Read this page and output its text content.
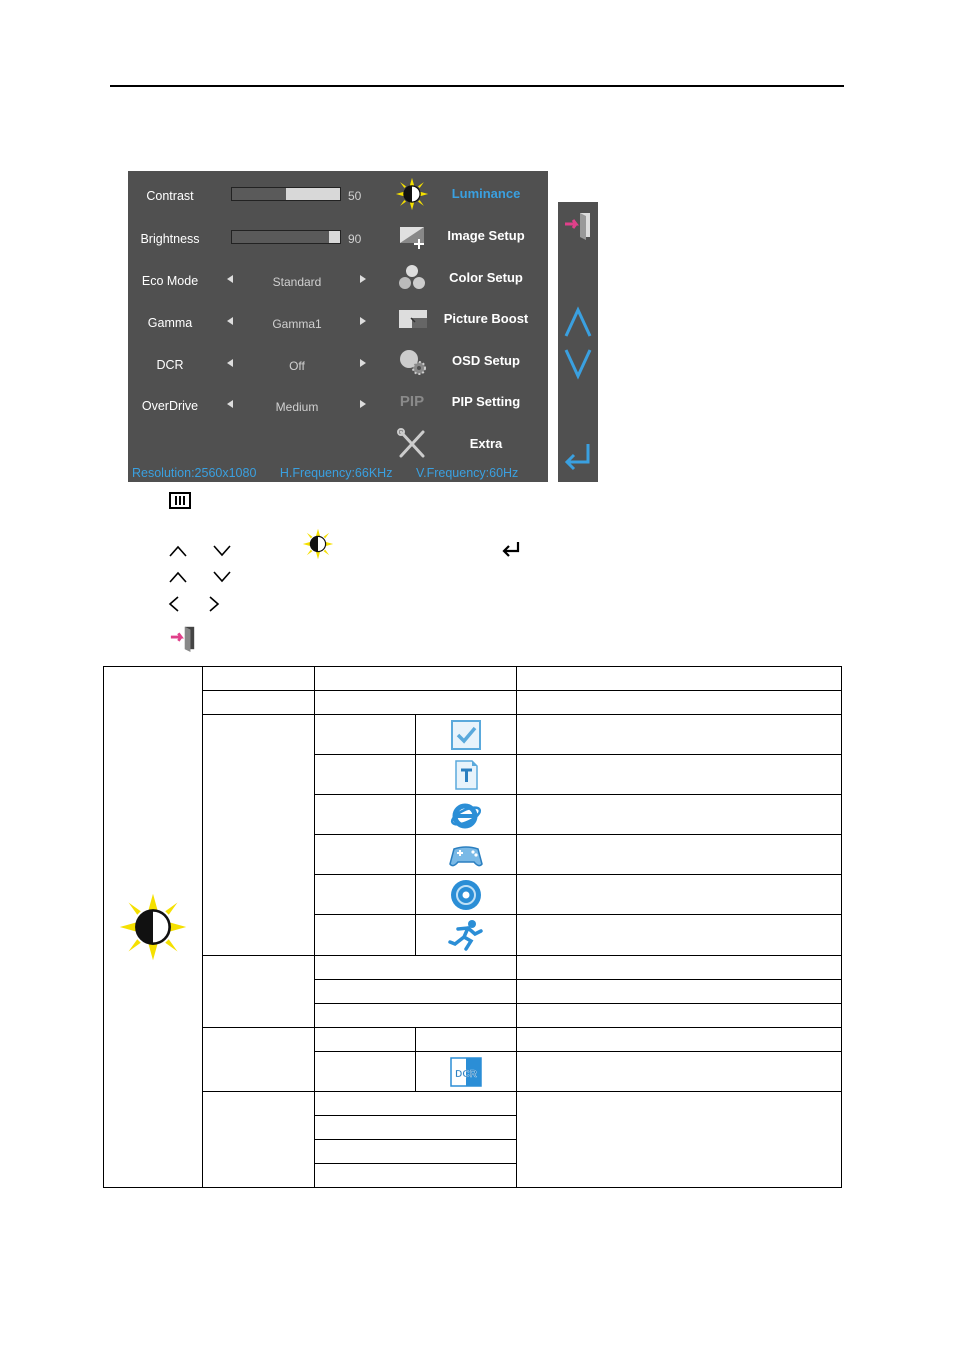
Contrast	50
Brightness	90
Eco Mode	Standard
Gamma	Gamma1
DCR	Off
OverDrive	Medium
Luminance
Image Setup
Color Setup
Picture Boost
OSD Setup
PIP	PIP Setting
Extra
Resolution:2560x1080 H.Frequency:66KHz V.Frequency:60Hz

DCR	
